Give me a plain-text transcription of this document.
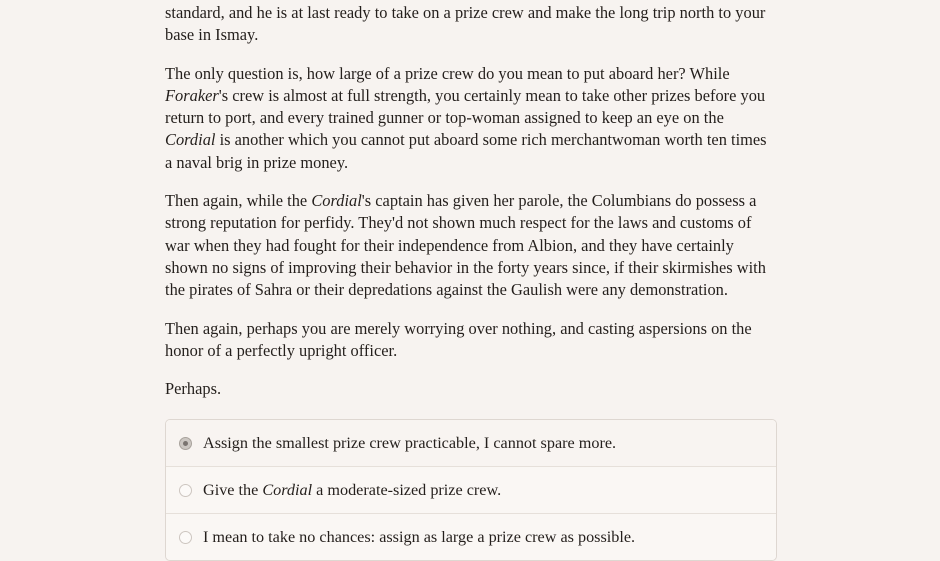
standard, and he is at last ready to take on a prize crew and make the long trip north to your base in Ismay.

The only question is, how large of a prize crew do you mean to put aboard her? While Foraker's crew is almost at full strength, you certainly mean to take other prizes before you return to port, and every trained gunner or top-woman assigned to keep an eye on the Cordial is another which you cannot put aboard some rich merchantwoman worth ten times a naval brig in prize money.

Then again, while the Cordial's captain has given her parole, the Columbians do possess a strong reputation for perfidy. They'd not shown much respect for the laws and customs of war when they had fought for their independence from Albion, and they have certainly shown no signs of improving their behavior in the forty years since, if their skirmishes with the pirates of Sahra or their depredations against the Gaulish were any demonstration.

Then again, perhaps you are merely worrying over nothing, and casting aspersions on the honor of a perfectly upright officer.

Perhaps.

Assign the smallest prize crew practicable, I cannot spare more.
Give the Cordial a moderate-sized prize crew.
I mean to take no chances: assign as large a prize crew as possible.
